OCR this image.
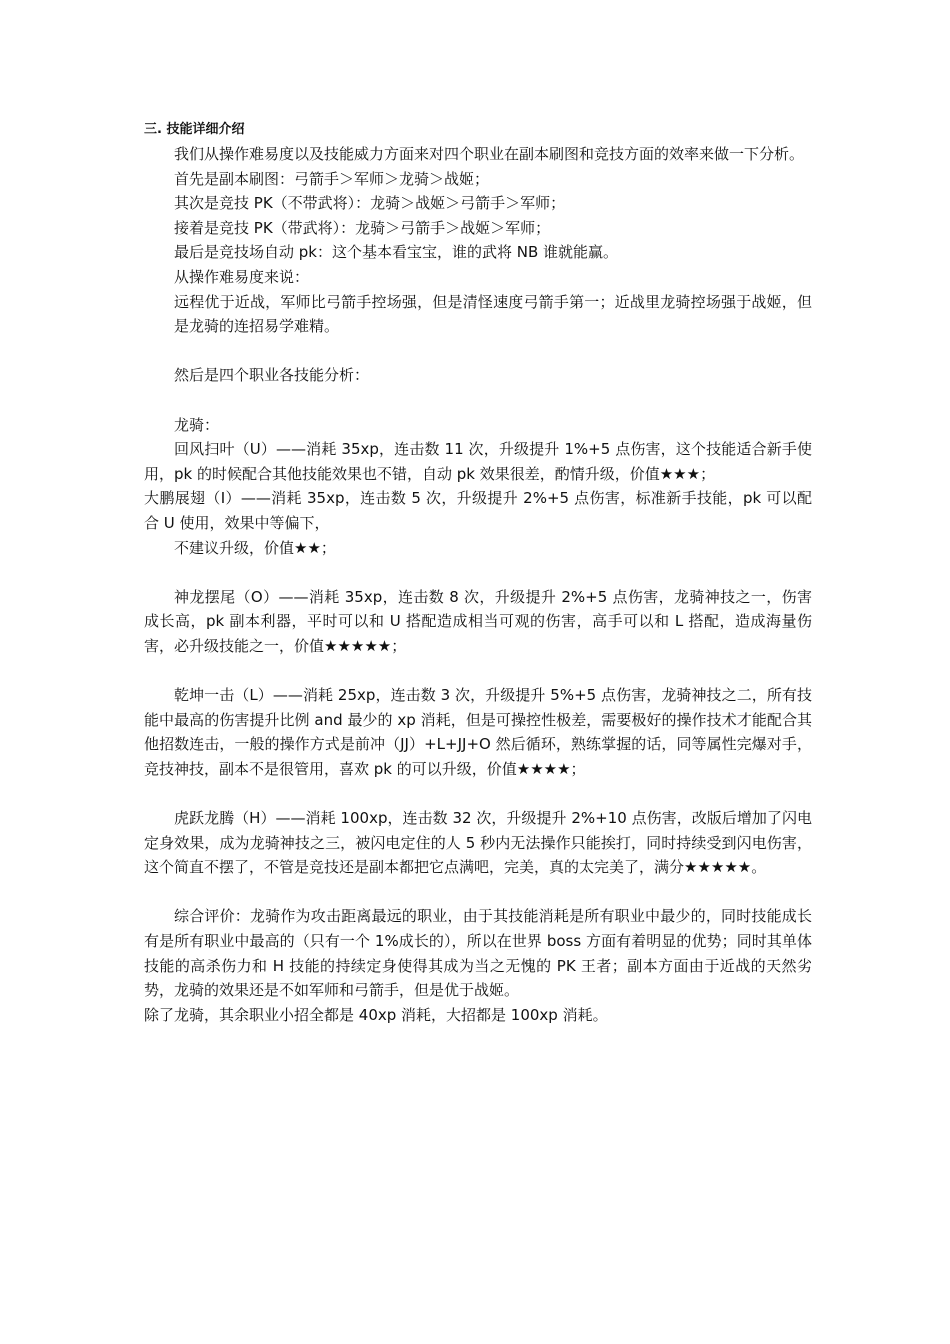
三. 技能详细介绍

我们从操作难易度以及技能威力方面来对四个职业在副本刷图和竞技方面的效率来做一下分析。

首先是副本刷图：弓箭手＞军师＞龙骑＞战姬；

其次是竞技 PK（不带武将）：龙骑＞战姬＞弓箭手＞军师；

接着是竞技 PK（带武将）：龙骑＞弓箭手＞战姬＞军师；

最后是竞技场自动 pk：这个基本看宝宝，谁的武将 NB 谁就能赢。

从操作难易度来说：

远程优于近战，军师比弓箭手控场强，但是清怪速度弓箭手第一；近战里龙骑控场强于战姬，但是龙骑的连招易学难精。

然后是四个职业各技能分析：

龙骑：

回风扫叶（U）——消耗 35xp，连击数 11 次，升级提升 1%+5 点伤害，这个技能适合新手使用，pk 的时候配合其他技能效果也不错，自动 pk 效果很差，酌情升级，价值★★★；

大鹏展翅（I）——消耗 35xp，连击数 5 次，升级提升 2%+5 点伤害，标准新手技能，pk 可以配合 U 使用，效果中等偏下，

不建议升级，价值★★；

神龙摆尾（O）——消耗 35xp，连击数 8 次，升级提升 2%+5 点伤害，龙骑神技之一，伤害成长高，pk 副本利器，平时可以和 U 搭配造成相当可观的伤害，高手可以和 L 搭配，造成海量伤害，必升级技能之一，价值★★★★★；

乾坤一击（L）——消耗 25xp，连击数 3 次，升级提升 5%+5 点伤害，龙骑神技之二，所有技能中最高的伤害提升比例 and 最少的 xp 消耗，但是可操控性极差，需要极好的操作技术才能配合其他招数连击，一般的操作方式是前冲（JJ）+L+JJ+O 然后循环，熟练掌握的话，同等属性完爆对手，竞技神技，副本不是很管用，喜欢 pk 的可以升级，价值★★★★；

虎跃龙腾（H）——消耗 100xp，连击数 32 次，升级提升 2%+10 点伤害，改版后增加了闪电定身效果，成为龙骑神技之三，被闪电定住的人 5 秒内无法操作只能挨打，同时持续受到闪电伤害，这个简直不摆了，不管是竞技还是副本都把它点满吧，完美，真的太完美了，满分★★★★★。

综合评价：龙骑作为攻击距离最远的职业，由于其技能消耗是所有职业中最少的，同时技能成长有是所有职业中最高的（只有一个 1%成长的），所以在世界 boss 方面有着明显的优势；同时其单体技能的高杀伤力和 H 技能的持续定身使得其成为当之无愧的 PK 王者；副本方面由于近战的天然劣势，龙骑的效果还是不如军师和弓箭手，但是优于战姬。

除了龙骑，其余职业小招全都是 40xp 消耗，大招都是 100xp 消耗。
